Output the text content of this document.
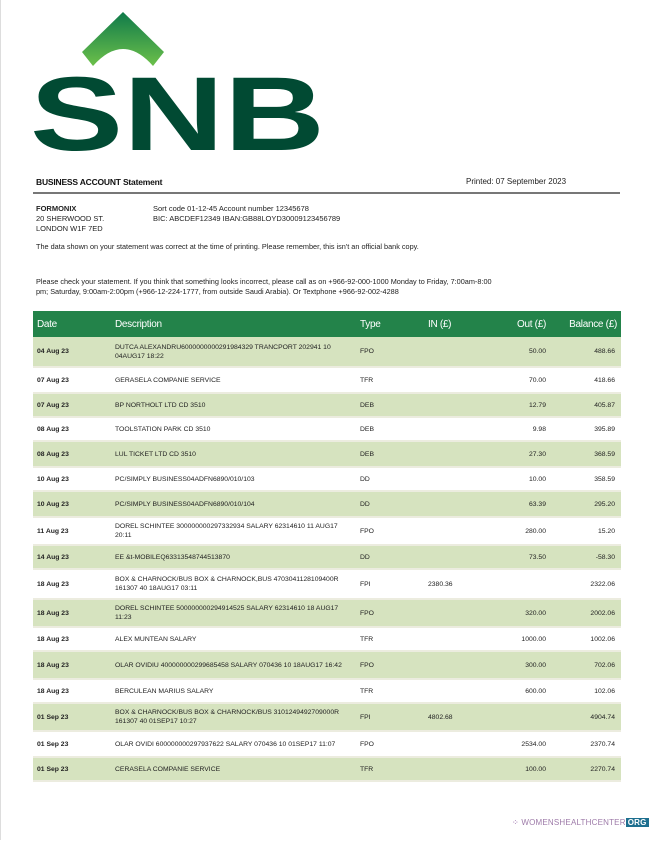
SNB
BUSINESS ACCOUNT Statement	Printed: 07 September 2023
FORMONIX
20 SHERWOOD ST.
LONDON W1F 7ED
Sort code 01-12-45 Account number 12345678
BIC: ABCDEF12349 IBAN:GB88LOYD30009123456789
The data shown on your statement was correct at the time of printing. Please remember, this isn't an official bank copy.
Please check your statement. If you think that something looks incorrect, please call as on +966-92-000-1000 Monday to Friday, 7:00am-8:00 pm; Saturday, 9:00am-2:00pm (+966-12-224-1777, from outside Saudi Arabia). Or Textphone +966-92-002-4288
Date	Description	Type	IN (£)	Out (£)	Balance (£)
04 Aug 23	DUTCA ALEXANDRU6000000000291984329 TRANCPORT 202941 10 04AUG17 18:22	FPO		50.00	488.66
07 Aug 23	GERASELA COMPANIE SERVICE	TFR		70.00	418.66
07 Aug 23	BP NORTHOLT LTD CD 3510	DEB		12.79	405.87
08 Aug 23	TOOLSTATION PARK CD 3510	DEB		9.98	395.89
08 Aug 23	LUL TICKET LTD CD 3510	DEB		27.30	368.59
10 Aug 23	PC/SIMPLY BUSINESS04ADFN6890/010/103	DD		10.00	358.59
10 Aug 23	PC/SIMPLY BUSINESS04ADFN6890/010/104	DD		63.39	295.20
11 Aug 23	DOREL SCHINTEE 300000000297332934 SALARY 62314610 11 AUG17 20:11	FPO		280.00	15.20
14 Aug 23	EE &t-MOBILEQ63313548744513870	DD		73.50	-58.30
18 Aug 23	BOX & CHARNOCK/BUS BOX & CHARNOCK,BUS 4703041128109400R 161307 40 18AUG17 03:11	FPI	2380.36		2322.06
18 Aug 23	DOREL SCHINTEE 500000000294914525 SALARY 62314610 18 AUG17 11:23	FPO		320.00	2002.06
18 Aug 23	ALEX MUNTEAN SALARY	TFR		1000.00	1002.06
18 Aug 23	OLAR OVIDIU 400000000299685458 SALARY 070436 10 18AUG17 16:42	FPO		300.00	702.06
18 Aug 23	BERCULEAN MARIUS SALARY	TFR		600.00	102.06
01 Sep 23	BOX & CHARNOCK/BUS BOX & CHARNOCK/BUS 3101249492709000R 161307 40 01SEP17 10:27	FPI	4802.68		4904.74
01 Sep 23	OLAR OVIDI 600000000297937622 SALARY 070436 10 01SEP17 11:07	FPO		2534.00	2370.74
01 Sep 23	CERASELA COMPANIE SERVICE	TFR		100.00	2270.74
⁘ WOMENSHEALTHCENTER ORG
